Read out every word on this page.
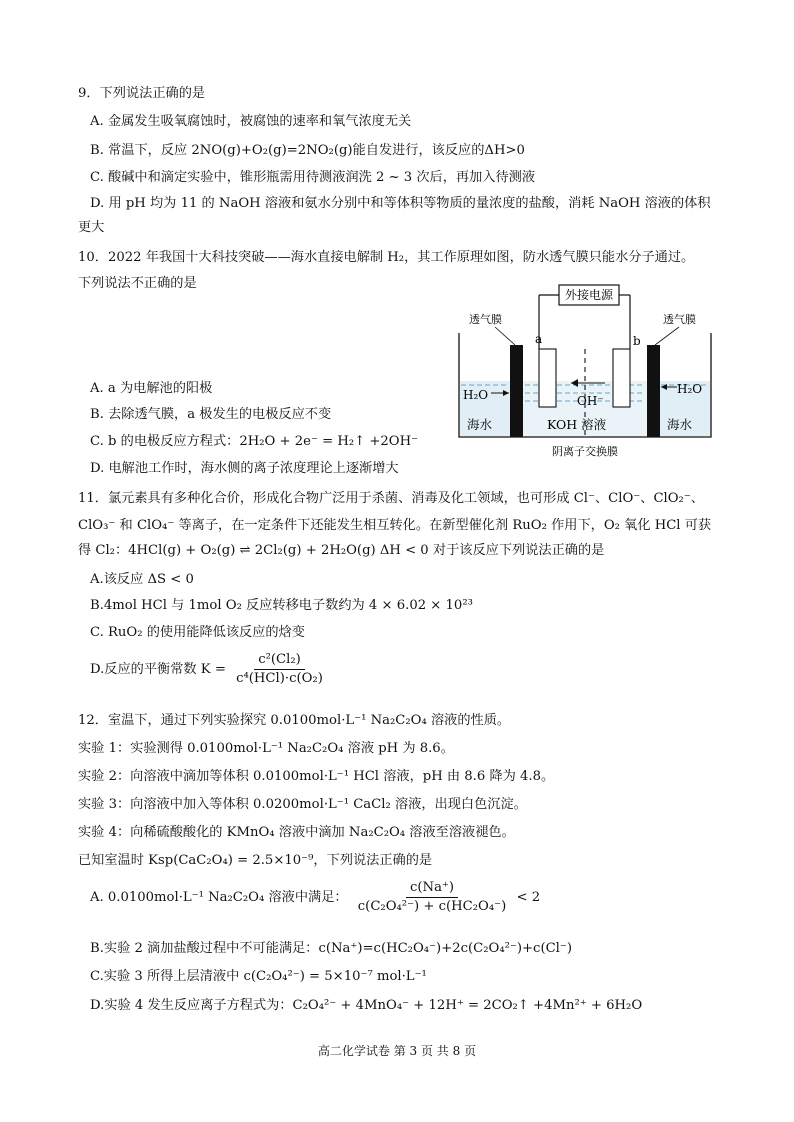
9．下列说法正确的是
A. 金属发生吸氧腐蚀时，被腐蚀的速率和氧气浓度无关
B. 常温下，反应 2NO(g)+O₂(g)=2NO₂(g)能自发进行，该反应的ΔH>0
C. 酸碱中和滴定实验中，锥形瓶需用待测液润洗 2 ~ 3 次后，再加入待测液
D. 用 pH 均为 11 的 NaOH 溶液和氨水分别中和等体积等物质的量浓度的盐酸，消耗 NaOH 溶液的体积
更大
10．2022 年我国十大科技突破——海水直接电解制 H₂，其工作原理如图，防水透气膜只能水分子通过。
下列说法不正确的是
A. a 为电解池的阳极
B. 去除透气膜，a 极发生的电极反应不变
C. b 的电极反应方程式：2H₂O + 2e⁻ = H₂↑ +2OH⁻
D. 电解池工作时，海水侧的离子浓度理论上逐渐增大
外接电源
透气膜	透气膜
a	b
H₂O	H₂O
OH⁻
海水	海水
KOH 溶液
阴离子交换膜
11．氯元素具有多种化合价，形成化合物广泛用于杀菌、消毒及化工领域，也可形成 Cl⁻、ClO⁻、ClO₂⁻、
ClO₃⁻ 和 ClO₄⁻ 等离子，在一定条件下还能发生相互转化。在新型催化剂 RuO₂ 作用下，O₂ 氧化 HCl 可获
得 Cl₂：4HCl(g) + O₂(g) ⇌ 2Cl₂(g) + 2H₂O(g) ΔH < 0 对于该反应下列说法正确的是
A.该反应 ΔS < 0
B.4mol HCl 与 1mol O₂ 反应转移电子数约为 4 × 6.02 × 10²³
C. RuO₂ 的使用能降低该反应的焓变
D.反应的平衡常数 $K = \frac{\text{c²(Cl₂)}}{\text{c⁴(HCl)·c(O₂)}}$
12．室温下，通过下列实验探究 0.0100mol·L⁻¹ Na₂C₂O₄ 溶液的性质。
实验 1：实验测得 0.0100mol·L⁻¹ Na₂C₂O₄ 溶液 pH 为 8.6。
实验 2：向溶液中滴加等体积 0.0100mol·L⁻¹ HCl 溶液，pH 由 8.6 降为 4.8。
实验 3：向溶液中加入等体积 0.0200mol·L⁻¹ CaCl₂ 溶液，出现白色沉淀。
实验 4：向稀硫酸酸化的 KMnO₄ 溶液中滴加 Na₂C₂O₄ 溶液至溶液褪色。
已知室温时 Ksp(CaC₂O₄) = 2.5×10⁻⁹，下列说法正确的是
A. 0.0100mol·L⁻¹ Na₂C₂O₄ 溶液中满足： $\frac{c(Na^+)}{\text{c(C₂O₄²⁻) + c(HC₂O₄⁻)}} < 2$
B.实验 2 滴加盐酸过程中不可能满足：c(Na⁺)=c(HC₂O₄⁻)+2c(C₂O₄²⁻)+c(Cl⁻)
C.实验 3 所得上层清液中 c(C₂O₄²⁻) = 5×10⁻⁷ mol·L⁻¹
D.实验 4 发生反应离子方程式为：C₂O₄²⁻ + 4MnO₄⁻ + 12H⁺ = 2CO₂↑ +4Mn²⁺ + 6H₂O
高二化学试卷 第 3 页 共 8 页
